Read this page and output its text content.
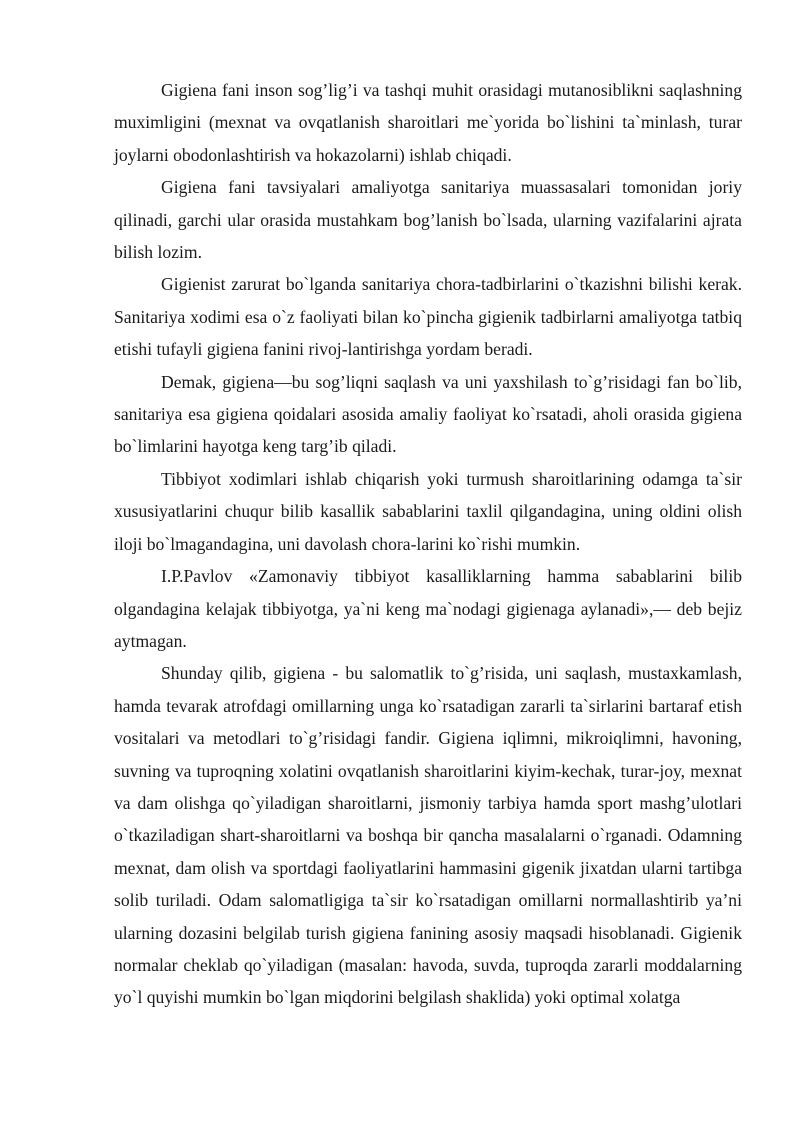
Gigiena fani inson sog’lig’i va tashqi muhit orasidagi mutanosiblikni saqlashning muximligini (mexnat va ovqatlanish sharoitlari me`yorida bo`lishini ta`minlash, turar joylarni obodonlashtirish va hokazolarni) ishlab chiqadi.

Gigiena fani tavsiyalari amaliyotga sanitariya muassasalari tomonidan joriy qilinadi, garchi ular orasida mustahkam bog’lanish bo`lsada, ularning vazifalarini ajrata bilish lozim.

Gigienist zarurat bo`lganda sanitariya chora-tadbirlarini o`tkazishni bilishi kerak. Sanitariya xodimi esa o`z faoliyati bilan ko`pincha gigienik tadbirlarni amaliyotga tatbiq etishi tufayli gigiena fanini rivoj-lantirishga yordam beradi.

Demak, gigiena—bu sog’liqni saqlash va uni yaxshilash to`g’risidagi fan bo`lib, sanitariya esa gigiena qoidalari asosida amaliy faoliyat ko`rsatadi, aholi orasida gigiena bo`limlarini hayotga keng targ’ib qiladi.

Tibbiyot xodimlari ishlab chiqarish yoki turmush sharoitlarining odamga ta`sir xususiyatlarini chuqur bilib kasallik sabablarini taxlil qilgandagina, uning oldini olish iloji bo`lmagandagina, uni davolash chora-larini ko`rishi mumkin.

I.P.Pavlov «Zamonaviy tibbiyot kasalliklarning hamma sabablarini bilib olgandagina kelajak tibbiyotga, ya`ni keng ma`nodagi gigienaga aylanadi»,— deb bejiz aytmagan.

Shunday qilib, gigiena - bu salomatlik to`g’risida, uni saqlash, mustaxkamlash, hamda tevarak atrofdagi omillarning unga ko`rsatadigan zararli ta`sirlarini bartaraf etish vositalari va metodlari to`g’risidagi fandir. Gigiena iqlimni, mikroiqlimni, havoning, suvning va tuproqning xolatini ovqatlanish sharoitlarini kiyim-kechak, turar-joy, mexnat va dam olishga qo`yiladigan sharoitlarni, jismoniy tarbiya hamda sport mashg’ulotlari o`tkaziladigan shart-sharoitlarni va boshqa bir qancha masalalarni o`rganadi. Odamning mexnat, dam olish va sportdagi faoliyatlarini hammasini gigenik jixatdan ularni tartibga solib turiladi. Odam salomatligiga ta`sir ko`rsatadigan omillarni normallashtirib ya’ni ularning dozasini belgilab turish gigiena fanining asosiy maqsadi hisoblanadi. Gigienik normalar cheklab qo`yiladigan (masalan: havoda, suvda, tuproqda zararli moddalarning yo`l quyishi mumkin bo`lgan miqdorini belgilash shaklida) yoki optimal xolatga
